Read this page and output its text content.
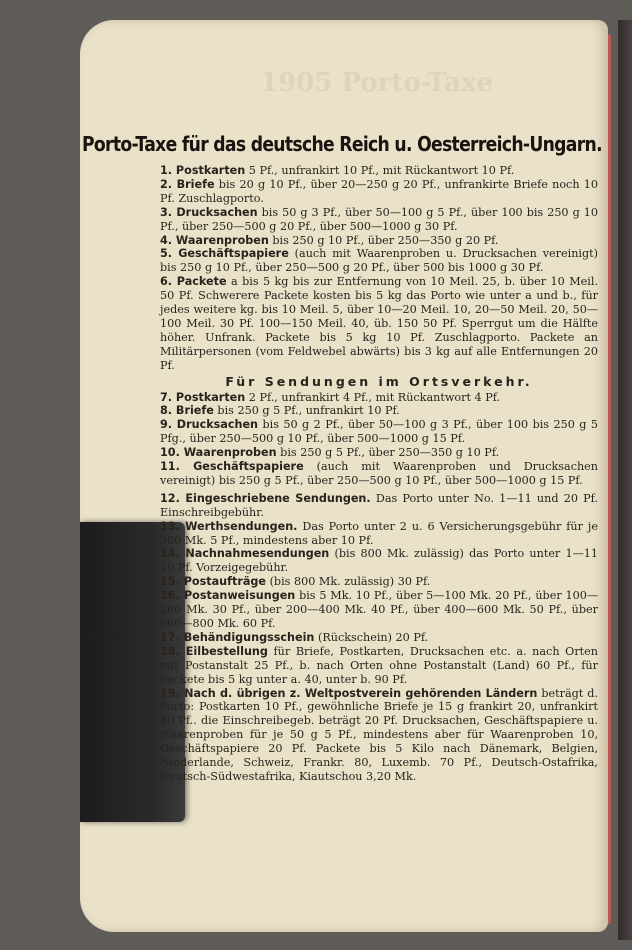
1905 Porto-Taxe
Porto-Taxe für das deutsche Reich u. Oesterreich-Ungarn.

1. Postkarten 5 Pf., unfrankirt 10 Pf., mit Rückantwort 10 Pf.

2. Briefe bis 20 g 10 Pf., über 20—250 g 20 Pf., unfrankirte Briefe noch 10 Pf. Zuschlagporto.

3. Drucksachen bis 50 g 3 Pf., über 50—100 g 5 Pf., über 100 bis 250 g 10 Pf., über 250—500 g 20 Pf., über 500—1000 g 30 Pf.

4. Waarenproben bis 250 g 10 Pf., über 250—350 g 20 Pf.

5. Geschäftspapiere (auch mit Waarenproben u. Drucksachen vereinigt) bis 250 g 10 Pf., über 250—500 g 20 Pf., über 500 bis 1000 g 30 Pf.

6. Packete a bis 5 kg bis zur Entfernung von 10 Meil. 25, b. über 10 Meil. 50 Pf. Schwerere Packete kosten bis 5 kg das Porto wie unter a und b., für jedes weitere kg. bis 10 Meil. 5, über 10—20 Meil. 10, 20—50 Meil. 20, 50—100 Meil. 30 Pf. 100—150 Meil. 40, üb. 150 50 Pf. Sperrgut um die Hälfte höher. Unfrank. Packete bis 5 kg 10 Pf. Zuschlagporto. Packete an Militärpersonen (vom Feldwebel abwärts) bis 3 kg auf alle Entfernungen 20 Pf.

Für Sendungen im Ortsverkehr.

7. Postkarten 2 Pf., unfrankirt 4 Pf., mit Rückantwort 4 Pf.

8. Briefe bis 250 g 5 Pf., unfrankirt 10 Pf.

9. Drucksachen bis 50 g 2 Pf., über 50—100 g 3 Pf., über 100 bis 250 g 5 Pfg., über 250—500 g 10 Pf., über 500—1000 g 15 Pf.

10. Waarenproben bis 250 g 5 Pf., über 250—350 g 10 Pf.

11. Geschäftspapiere (auch mit Waarenproben und Drucksachen vereinigt) bis 250 g 5 Pf., über 250—500 g 10 Pf., über 500—1000 g 15 Pf.

12. Eingeschriebene Sendungen. Das Porto unter No. 1—11 und 20 Pf. Einschreibgebühr.

13. Werthsendungen. Das Porto unter 2 u. 6 Versicherungsgebühr für je 300 Mk. 5 Pf., mindestens aber 10 Pf.

14. Nachnahmesendungen (bis 800 Mk. zulässig) das Porto unter 1—11 10 Pf. Vorzeigegebühr.

15. Postaufträge (bis 800 Mk. zulässig) 30 Pf.

16. Postanweisungen bis 5 Mk. 10 Pf., über 5—100 Mk. 20 Pf., über 100—200 Mk. 30 Pf., über 200—400 Mk. 40 Pf., über 400—600 Mk. 50 Pf., über 600—800 Mk. 60 Pf.

17. Behändigungsschein (Rückschein) 20 Pf.

18. Eilbestellung für Briefe, Postkarten, Drucksachen etc. a. nach Orten mit Postanstalt 25 Pf., b. nach Orten ohne Postanstalt (Land) 60 Pf., für Packete bis 5 kg unter a. 40, unter b. 90 Pf.

19. Nach d. übrigen z. Weltpostverein gehörenden Ländern beträgt d. Porto: Postkarten 10 Pf., gewöhnliche Briefe je 15 g frankirt 20, unfrankirt 40 Pf.. die Einschreibegeb. beträgt 20 Pf. Drucksachen, Geschäftspapiere u. Waarenproben für je 50 g 5 Pf., mindestens aber für Waarenproben 10, Geschäftspapiere 20 Pf. Packete bis 5 Kilo nach Dänemark, Belgien, Niederlande, Schweiz, Frankr. 80, Luxemb. 70 Pf., Deutsch-Ostafrika, Deutsch-Südwestafrika, Kiautschou 3,20 Mk.
